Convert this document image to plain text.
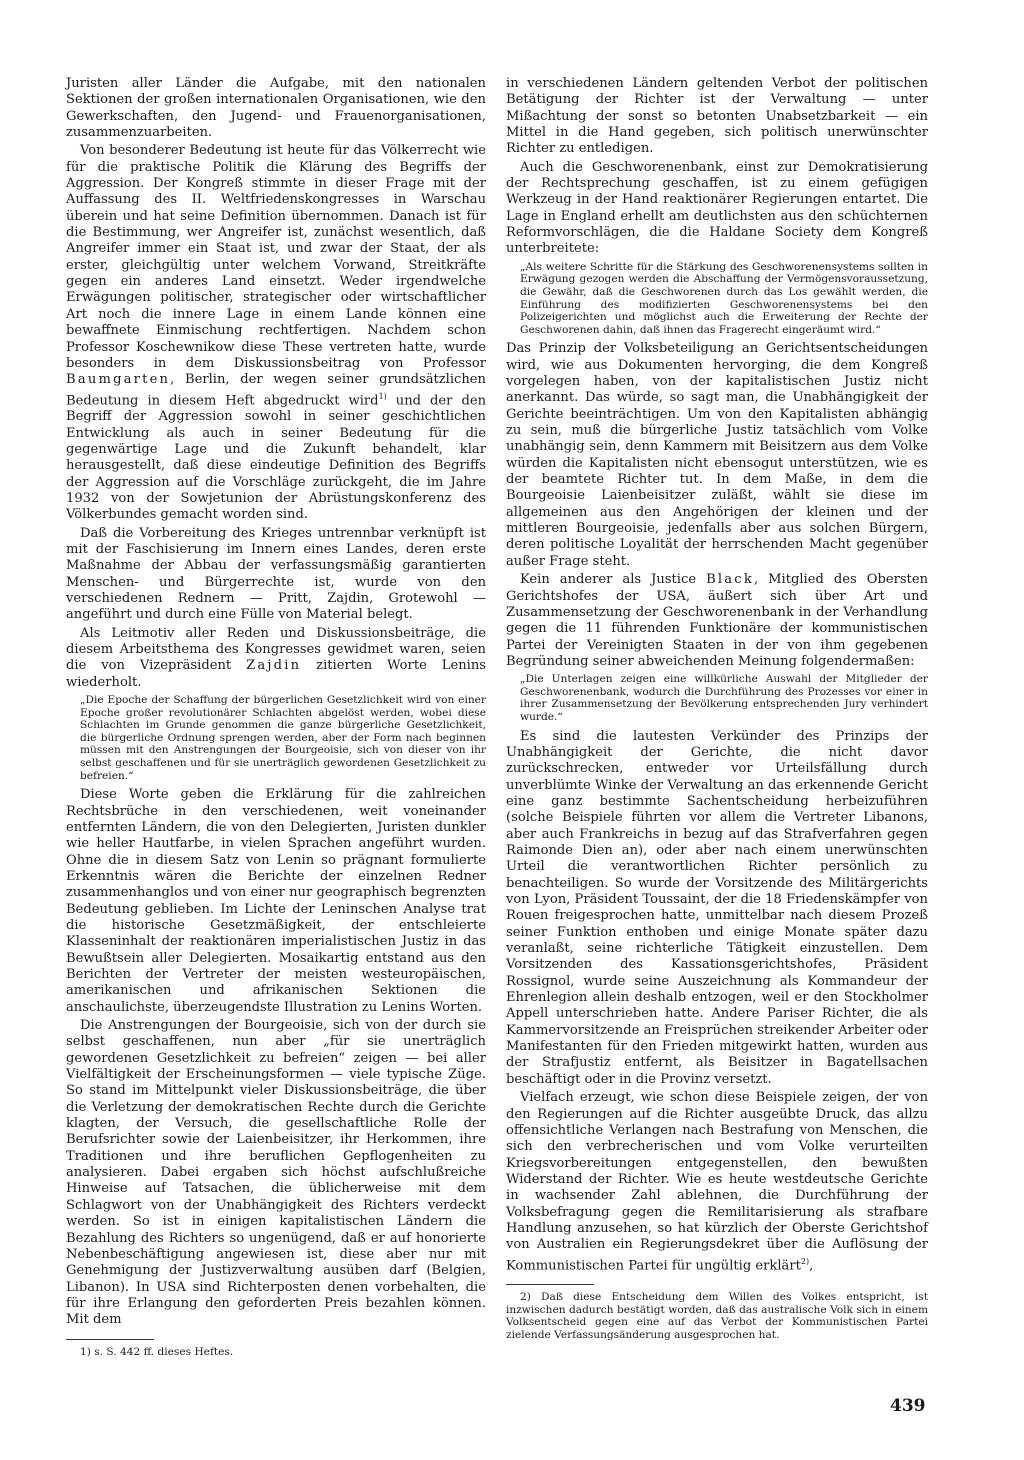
Juristen aller Länder die Aufgabe, mit den nationalen Sektionen der großen internationalen Organisationen, wie den Gewerkschaften, den Jugend- und Frauenorganisationen, zusammenzuarbeiten.

Von besonderer Bedeutung ist heute für das Völkerrecht wie für die praktische Politik die Klärung des Begriffs der Aggression. Der Kongreß stimmte in dieser Frage mit der Auffassung des II. Weltfriedenskongresses in Warschau überein und hat seine Definition übernommen. Danach ist für die Bestimmung, wer Angreifer ist, zunächst wesentlich, daß Angreifer immer ein Staat ist, und zwar der Staat, der als erster, gleichgültig unter welchem Vorwand, Streitkräfte gegen ein anderes Land einsetzt. Weder irgendwelche Erwägungen politischer, strategischer oder wirtschaftlicher Art noch die innere Lage in einem Lande können eine bewaffnete Einmischung rechtfertigen. Nachdem schon Professor Koschewnikow diese These vertreten hatte, wurde besonders in dem Diskussionsbeitrag von Professor Baumgarten, Berlin, der wegen seiner grundsätzlichen Bedeutung in diesem Heft abgedruckt wird$^{1)}$ und der den Begriff der Aggression sowohl in seiner geschichtlichen Entwicklung als auch in seiner Bedeutung für die gegenwärtige Lage und die Zukunft behandelt, klar herausgestellt, daß diese eindeutige Definition des Begriffs der Aggression auf die Vorschläge zurückgeht, die im Jahre 1932 von der Sowjetunion der Abrüstungskonferenz des Völkerbundes gemacht worden sind.

Daß die Vorbereitung des Krieges untrennbar verknüpft ist mit der Faschisierung im Innern eines Landes, deren erste Maßnahme der Abbau der verfassungsmäßig garantierten Menschen- und Bürgerrechte ist, wurde von den verschiedenen Rednern — Pritt, Zajdin, Grotewohl — angeführt und durch eine Fülle von Material belegt.

Als Leitmotiv aller Reden und Diskussionsbeiträge, die diesem Arbeitsthema des Kongresses gewidmet waren, seien die von Vizepräsident Zajdin zitierten Worte Lenins wiederholt.

„Die Epoche der Schaffung der bürgerlichen Gesetzlichkeit wird von einer Epoche großer revolutionärer Schlachten abgelöst werden, wobei diese Schlachten im Grunde genommen die ganze bürgerliche Gesetzlichkeit, die bürgerliche Ordnung sprengen werden, aber der Form nach beginnen müssen mit den Anstrengungen der Bourgeoisie, sich von dieser von ihr selbst geschaffenen und für sie unerträglich gewordenen Gesetzlichkeit zu befreien.“

Diese Worte geben die Erklärung für die zahlreichen Rechtsbrüche in den verschiedenen, weit voneinander entfernten Ländern, die von den Delegierten, Juristen dunkler wie heller Hautfarbe, in vielen Sprachen angeführt wurden. Ohne die in diesem Satz von Lenin so prägnant formulierte Erkenntnis wären die Berichte der einzelnen Redner zusammenhanglos und von einer nur geographisch begrenzten Bedeutung geblieben. Im Lichte der Leninschen Analyse trat die historische Gesetzmäßigkeit, der entschleierte Klasseninhalt der reaktionären imperialistischen Justiz in das Bewußtsein aller Delegierten. Mosaikartig entstand aus den Berichten der Vertreter der meisten westeuropäischen, amerikanischen und afrikanischen Sektionen die anschaulichste, überzeugendste Illustration zu Lenins Worten.

Die Anstrengungen der Bourgeoisie, sich von der durch sie selbst geschaffenen, nun aber „für sie unerträglich gewordenen Gesetzlichkeit zu befreien“ zeigen — bei aller Vielfältigkeit der Erscheinungsformen — viele typische Züge. So stand im Mittelpunkt vieler Diskussionsbeiträge, die über die Verletzung der demokratischen Rechte durch die Gerichte klagten, der Versuch, die gesellschaftliche Rolle der Berufsrichter sowie der Laienbeisitzer, ihr Herkommen, ihre Traditionen und ihre beruflichen Gepflogenheiten zu analysieren. Dabei ergaben sich höchst aufschlußreiche Hinweise auf Tatsachen, die üblicherweise mit dem Schlagwort von der Unabhängigkeit des Richters verdeckt werden. So ist in einigen kapitalistischen Ländern die Bezahlung des Richters so ungenügend, daß er auf honorierte Nebenbeschäftigung angewiesen ist, diese aber nur mit Genehmigung der Justizverwaltung ausüben darf (Belgien, Libanon). In USA sind Richterposten denen vorbehalten, die für ihre Erlangung den geforderten Preis bezahlen können. Mit dem

1) s. S. 442 ff. dieses Heftes.

in verschiedenen Ländern geltenden Verbot der politischen Betätigung der Richter ist der Verwaltung — unter Mißachtung der sonst so betonten Unabsetzbarkeit — ein Mittel in die Hand gegeben, sich politisch unerwünschter Richter zu entledigen.

Auch die Geschworenenbank, einst zur Demokratisierung der Rechtsprechung geschaffen, ist zu einem gefügigen Werkzeug in der Hand reaktionärer Regierungen entartet. Die Lage in England erhellt am deutlichsten aus den schüchternen Reformvorschlägen, die die Haldane Society dem Kongreß unterbreitete:

„Als weitere Schritte für die Stärkung des Geschworenensystems sollten in Erwägung gezogen werden die Abschaffung der Vermögensvoraussetzung, die Gewähr, daß die Geschworenen durch das Los gewählt werden, die Einführung des modifizierten Geschworenensystems bei den Polizeigerichten und möglichst auch die Erweiterung der Rechte der Geschworenen dahin, daß ihnen das Fragerecht eingeräumt wird.“

Das Prinzip der Volksbeteiligung an Gerichtsentscheidungen wird, wie aus Dokumenten hervorging, die dem Kongreß vorgelegen haben, von der kapitalistischen Justiz nicht anerkannt. Das würde, so sagt man, die Unabhängigkeit der Gerichte beeinträchtigen. Um von den Kapitalisten abhängig zu sein, muß die bürgerliche Justiz tatsächlich vom Volke unabhängig sein, denn Kammern mit Beisitzern aus dem Volke würden die Kapitalisten nicht ebensogut unterstützen, wie es der beamtete Richter tut. In dem Maße, in dem die Bourgeoisie Laienbeisitzer zuläßt, wählt sie diese im allgemeinen aus den Angehörigen der kleinen und der mittleren Bourgeoisie, jedenfalls aber aus solchen Bürgern, deren politische Loyalität der herrschenden Macht gegenüber außer Frage steht.

Kein anderer als Justice Black, Mitglied des Obersten Gerichtshofes der USA, äußert sich über Art und Zusammensetzung der Geschworenenbank in der Verhandlung gegen die 11 führenden Funktionäre der kommunistischen Partei der Vereinigten Staaten in der von ihm gegebenen Begründung seiner abweichenden Meinung folgendermaßen:

„Die Unterlagen zeigen eine willkürliche Auswahl der Mitglieder der Geschworenenbank, wodurch die Durchführung des Prozesses vor einer in ihrer Zusammensetzung der Bevölkerung entsprechenden Jury verhindert wurde.“

Es sind die lautesten Verkünder des Prinzips der Unabhängigkeit der Gerichte, die nicht davor zurückschrecken, entweder vor Urteilsfällung durch unverblümte Winke der Verwaltung an das erkennende Gericht eine ganz bestimmte Sachentscheidung herbeizuführen (solche Beispiele führten vor allem die Vertreter Libanons, aber auch Frankreichs in bezug auf das Strafverfahren gegen Raimonde Dien an), oder aber nach einem unerwünschten Urteil die verantwortlichen Richter persönlich zu benachteiligen. So wurde der Vorsitzende des Militärgerichts von Lyon, Präsident Toussaint, der die 18 Friedenskämpfer von Rouen freigesprochen hatte, unmittelbar nach diesem Prozeß seiner Funktion enthoben und einige Monate später dazu veranlaßt, seine richterliche Tätigkeit einzustellen. Dem Vorsitzenden des Kassationsgerichtshofes, Präsident Rossignol, wurde seine Auszeichnung als Kommandeur der Ehrenlegion allein deshalb entzogen, weil er den Stockholmer Appell unterschrieben hatte. Andere Pariser Richter, die als Kammervorsitzende an Freisprüchen streikender Arbeiter oder Manifestanten für den Frieden mitgewirkt hatten, wurden aus der Strafjustiz entfernt, als Beisitzer in Bagatellsachen beschäftigt oder in die Provinz versetzt.

Vielfach erzeugt, wie schon diese Beispiele zeigen, der von den Regierungen auf die Richter ausgeübte Druck, das allzu offensichtliche Verlangen nach Bestrafung von Menschen, die sich den verbrecherischen und vom Volke verurteilten Kriegsvorbereitungen entgegenstellen, den bewußten Widerstand der Richter. Wie es heute westdeutsche Gerichte in wachsender Zahl ablehnen, die Durchführung der Volksbefragung gegen die Remilitarisierung als strafbare Handlung anzusehen, so hat kürzlich der Oberste Gerichtshof von Australien ein Regierungsdekret über die Auflösung der Kommunistischen Partei für ungültig erklärt$^{2)}$,

2) Daß diese Entscheidung dem Willen des Volkes entspricht, ist inzwischen dadurch bestätigt worden, daß das australische Volk sich in einem Volksentscheid gegen eine auf das Verbot der Kommunistischen Partei zielende Verfassungsänderung ausgesprochen hat.

439
